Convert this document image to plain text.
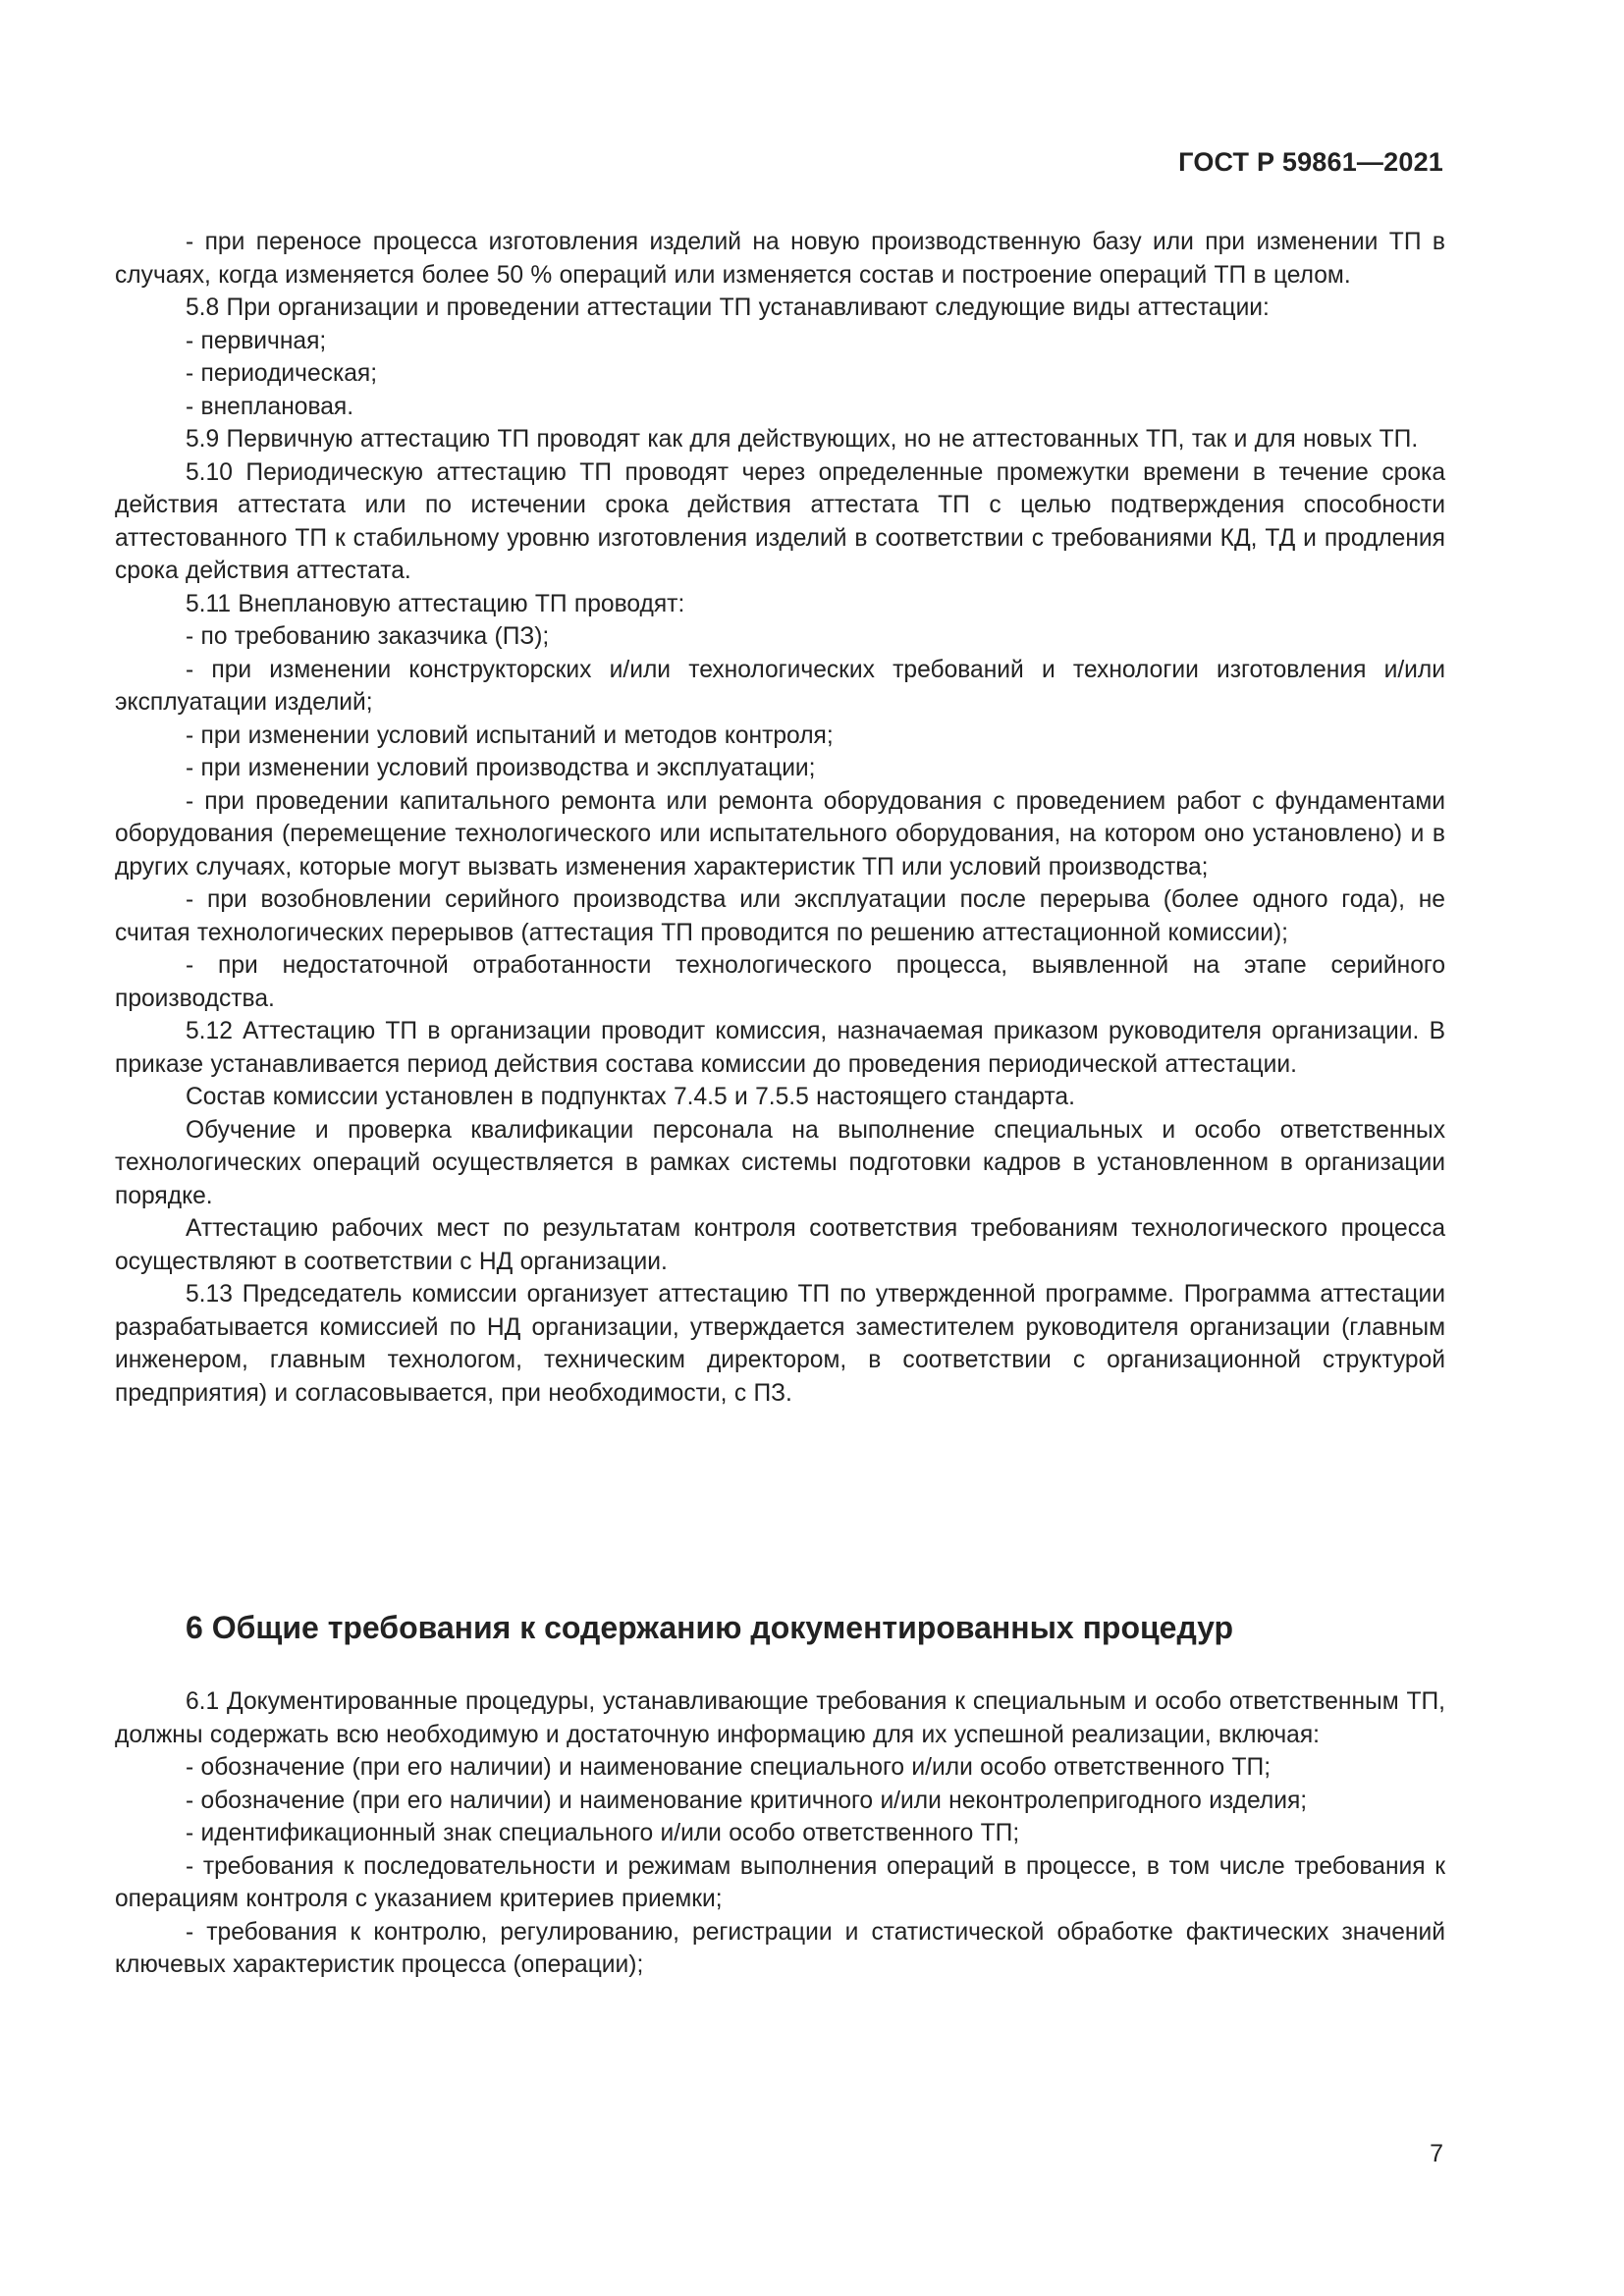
ГОСТ Р 59861—2021

- при переносе процесса изготовления изделий на новую производственную базу или при изменении ТП в случаях, когда изменяется более 50 % операций или изменяется состав и построение операций ТП в целом.

5.8 При организации и проведении аттестации ТП устанавливают следующие виды аттестации:

- первичная;

- периодическая;

- внеплановая.

5.9 Первичную аттестацию ТП проводят как для действующих, но не аттестованных ТП, так и для новых ТП.

5.10 Периодическую аттестацию ТП проводят через определенные промежутки времени в течение срока действия аттестата или по истечении срока действия аттестата ТП с целью подтверждения способности аттестованного ТП к стабильному уровню изготовления изделий в соответствии с требованиями КД, ТД и продления срока действия аттестата.

5.11 Внеплановую аттестацию ТП проводят:

- по требованию заказчика (ПЗ);

- при изменении конструкторских и/или технологических требований и технологии изготовления и/или эксплуатации изделий;

- при изменении условий испытаний и методов контроля;

- при изменении условий производства и эксплуатации;

- при проведении капитального ремонта или ремонта оборудования с проведением работ с фундаментами оборудования (перемещение технологического или испытательного оборудования, на котором оно установлено) и в других случаях, которые могут вызвать изменения характеристик ТП или условий производства;

- при возобновлении серийного производства или эксплуатации после перерыва (более одного года), не считая технологических перерывов (аттестация ТП проводится по решению аттестационной комиссии);

- при недостаточной отработанности технологического процесса, выявленной на этапе серийного производства.

5.12 Аттестацию ТП в организации проводит комиссия, назначаемая приказом руководителя организации. В приказе устанавливается период действия состава комиссии до проведения периодической аттестации.

Состав комиссии установлен в подпунктах 7.4.5 и 7.5.5 настоящего стандарта.

Обучение и проверка квалификации персонала на выполнение специальных и особо ответственных технологических операций осуществляется в рамках системы подготовки кадров в установленном в организации порядке.

Аттестацию рабочих мест по результатам контроля соответствия требованиям технологического процесса осуществляют в соответствии с НД организации.

5.13 Председатель комиссии организует аттестацию ТП по утвержденной программе. Программа аттестации разрабатывается комиссией по НД организации, утверждается заместителем руководителя организации (главным инженером, главным технологом, техническим директором, в соответствии с организационной структурой предприятия) и согласовывается, при необходимости, с ПЗ.

6 Общие требования к содержанию документированных процедур

6.1 Документированные процедуры, устанавливающие требования к специальным и особо ответственным ТП, должны содержать всю необходимую и достаточную информацию для их успешной реализации, включая:

- обозначение (при его наличии) и наименование специального и/или особо ответственного ТП;

- обозначение (при его наличии) и наименование критичного и/или неконтролепригодного изделия;

- идентификационный знак специального и/или особо ответственного ТП;

- требования к последовательности и режимам выполнения операций в процессе, в том числе требования к операциям контроля с указанием критериев приемки;

- требования к контролю, регулированию, регистрации и статистической обработке фактических значений ключевых характеристик процесса (операции);

7
